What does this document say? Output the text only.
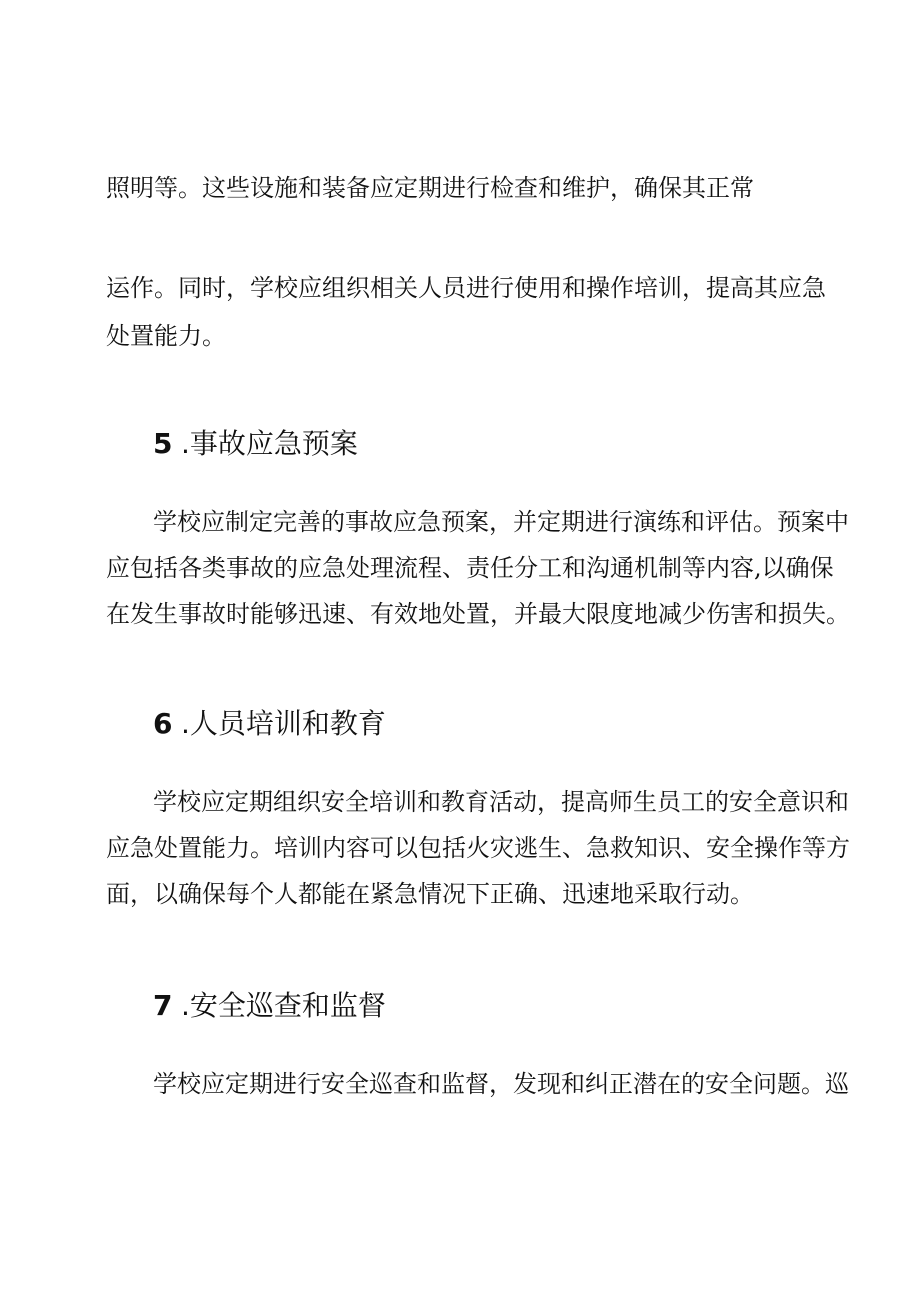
照明等。这些设施和装备应定期进行检查和维护，确保其正常
运作。同时，学校应组织相关人员进行使用和操作培训，提高其应急
处置能力。
5 .事故应急预案
学校应制定完善的事故应急预案，并定期进行演练和评估。预案中
应包括各类事故的应急处理流程、责任分工和沟通机制等内容,以确保
在发生事故时能够迅速、有效地处置，并最大限度地减少伤害和损失。
6 .人员培训和教育
学校应定期组织安全培训和教育活动，提高师生员工的安全意识和
应急处置能力。培训内容可以包括火灾逃生、急救知识、安全操作等方
面，以确保每个人都能在紧急情况下正确、迅速地采取行动。
7 .安全巡查和监督
学校应定期进行安全巡查和监督，发现和纠正潜在的安全问题。巡
